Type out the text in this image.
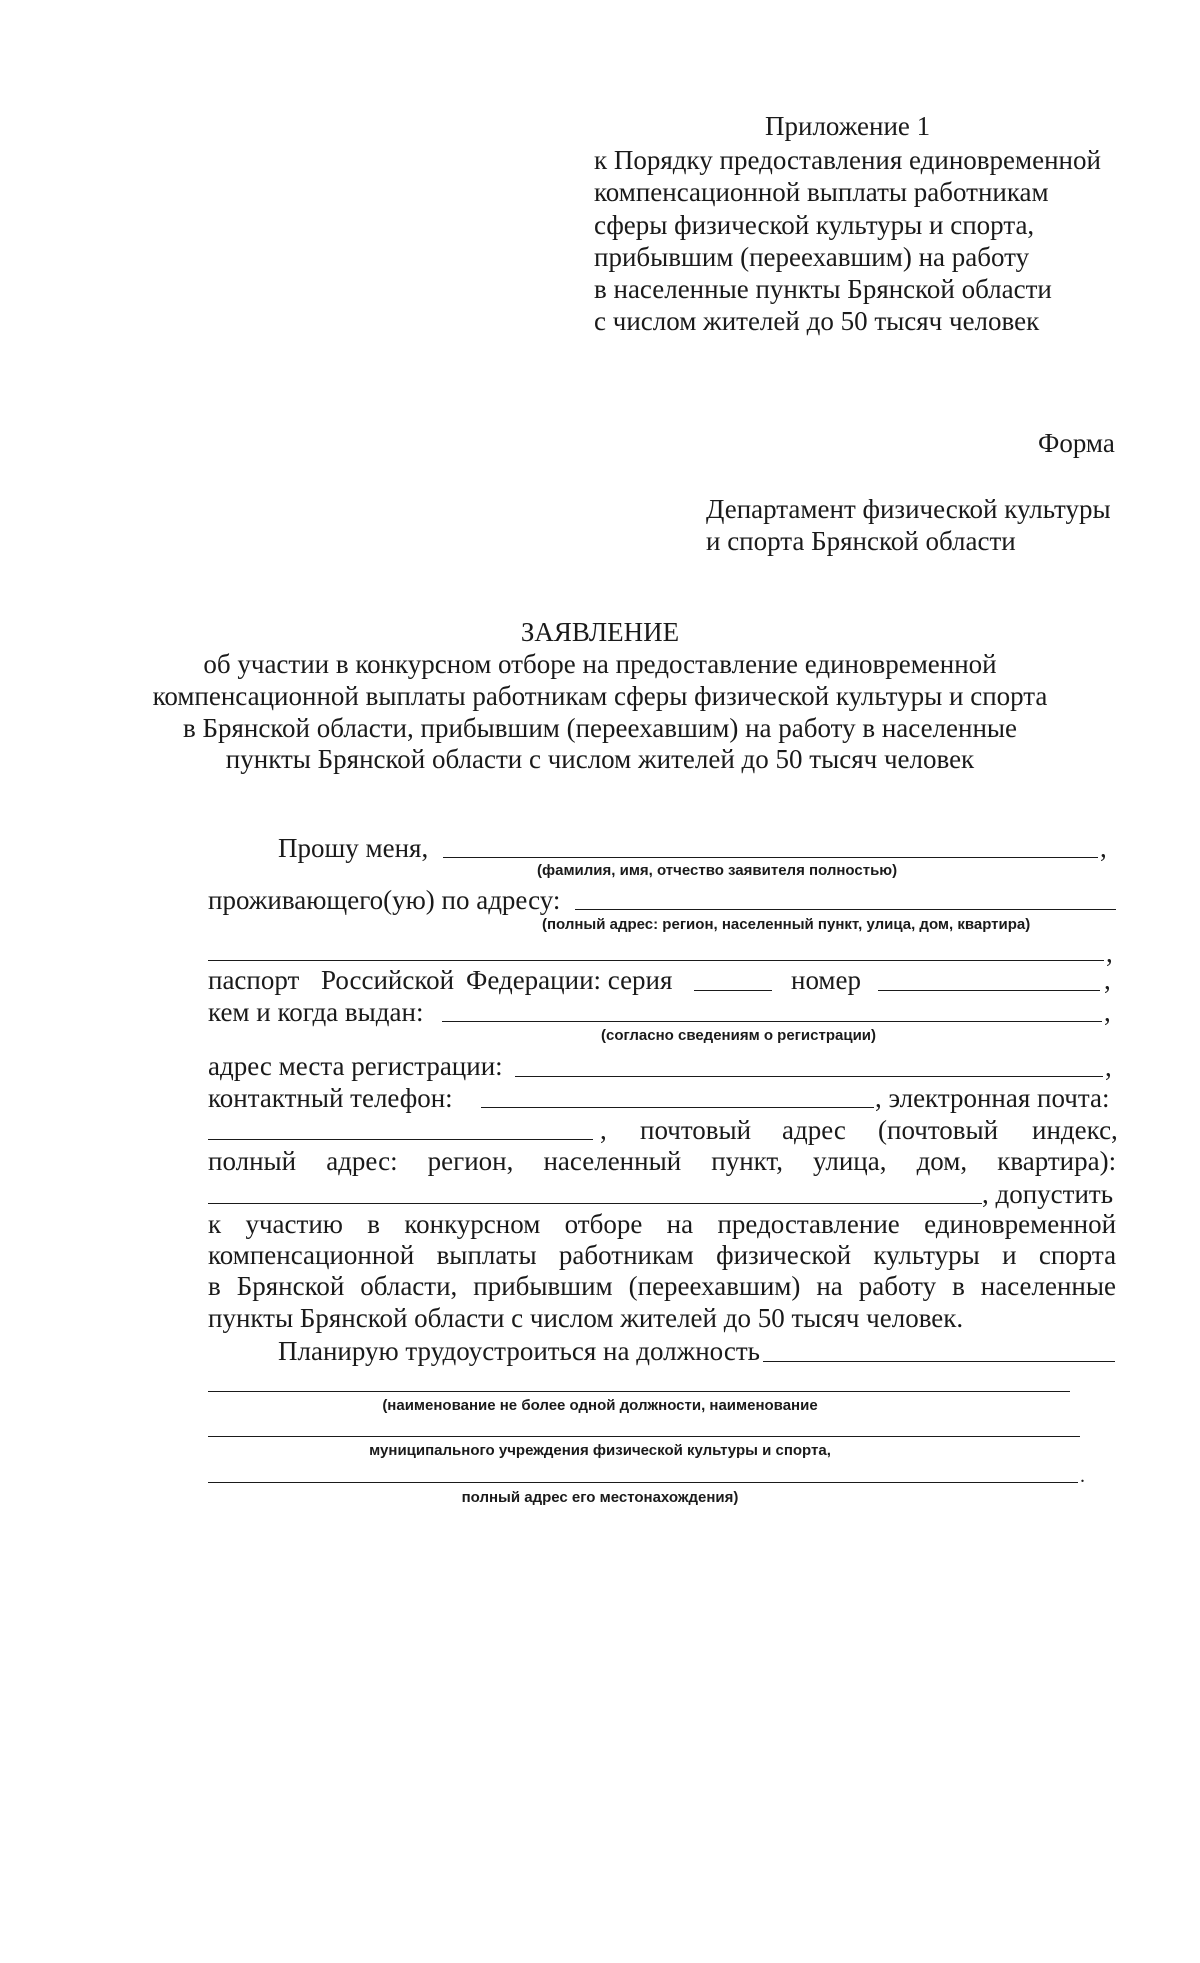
Приложение 1
к Порядку предоставления единовременной
компенсационной выплаты работникам
сферы физической культуры и спорта,
прибывшим (переехавшим) на работу
в населенные пункты Брянской области
с числом жителей до 50 тысяч человек
Форма
Департамент физической культуры
и спорта Брянской области
ЗАЯВЛЕНИЕ
об участии в конкурсном отборе на предоставление единовременной
компенсационной выплаты работникам сферы физической культуры и спорта
в Брянской области, прибывшим (переехавшим) на работу в населенные
пункты Брянской области с числом жителей до 50 тысяч человек
Прошу меня,	,
(фамилия, имя, отчество заявителя полностью)
проживающего(ую) по адресу:
(полный адрес: регион, населенный пункт, улица, дом, квартира)
,
паспорт Российской Федерации: серия	номер	,
кем и когда выдан:	,
(согласно сведениям о регистрации)
адрес места регистрации:	,
контактный телефон:	, электронная почта:
, почтовый адрес (почтовый индекс,
полный адрес: регион, населенный пункт, улица, дом, квартира):
, допустить
к участию в конкурсном отборе на предоставление единовременной
компенсационной выплаты работникам физической культуры и спорта
в Брянской области, прибывшим (переехавшим) на работу в населенные
пункты Брянской области с числом жителей до 50 тысяч человек.
Планирую трудоустроиться на должность
(наименование не более одной должности, наименование
муниципального учреждения физической культуры и спорта,
.
полный адрес его местонахождения)
